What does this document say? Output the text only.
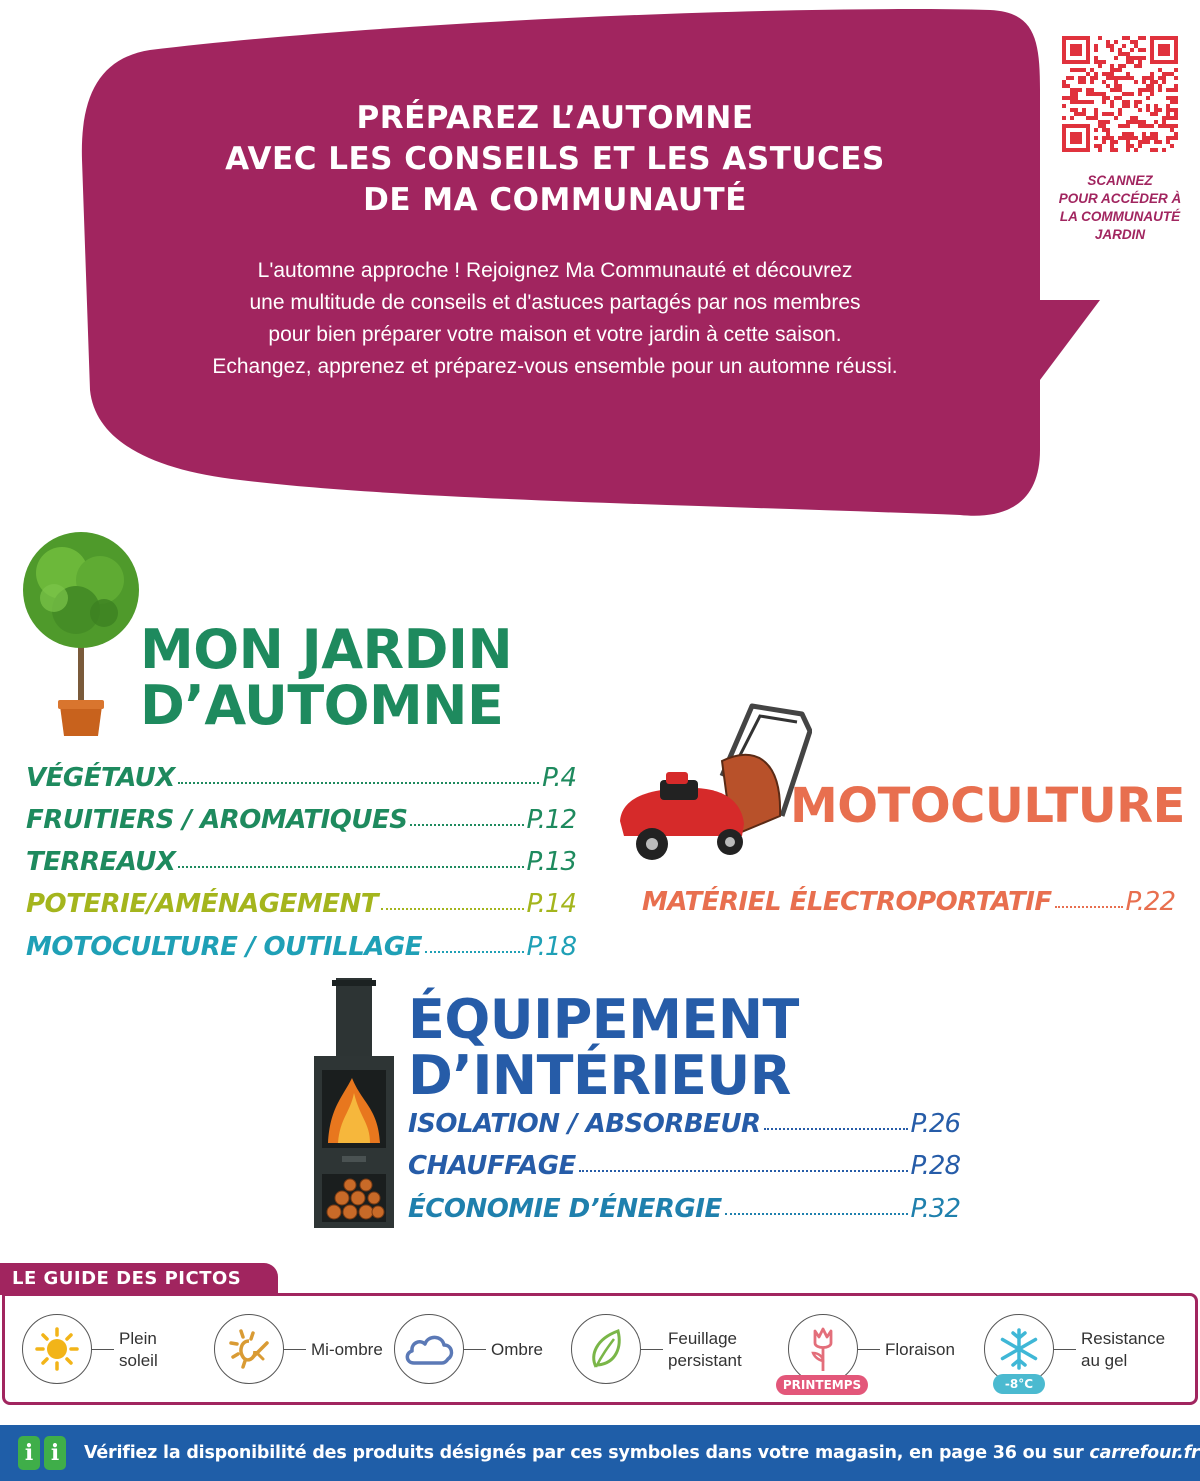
PRÉPAREZ L’AUTOMNE
AVEC LES CONSEILS ET LES ASTUCES
DE MA COMMUNAUTÉ
L'automne approche ! Rejoignez Ma Communauté et découvrez
une multitude de conseils et d'astuces partagés par nos membres
pour bien préparer votre maison et votre jardin à cette saison.
Echangez, apprenez et préparez-vous ensemble pour un automne réussi.
SCANNEZ
POUR ACCÉDER À
LA COMMUNAUTÉ
JARDIN
MON JARDIN
D’AUTOMNE
VÉGÉTAUX	P.4
FRUITIERS / AROMATIQUES	P.12
TERREAUX	P.13
POTERIE/AMÉNAGEMENT	P.14
MOTOCULTURE / OUTILLAGE	P.18
MOTOCULTURE
MATÉRIEL ÉLECTROPORTATIF	P.22
ÉQUIPEMENT
D’INTÉRIEUR
ISOLATION / ABSORBEUR	P.26
CHAUFFAGE	P.28
ÉCONOMIE D’ÉNERGIE	P.32
LE GUIDE DES PICTOS
Plein
soleil
Mi-ombre	Ombre
Feuillage
persistant
Floraison
PRINTEMPS
Resistance
au gel
-8°C
i i	Vérifiez la disponibilité des produits désignés par ces symboles dans votre magasin, en page 36 ou sur carrefour.fr
